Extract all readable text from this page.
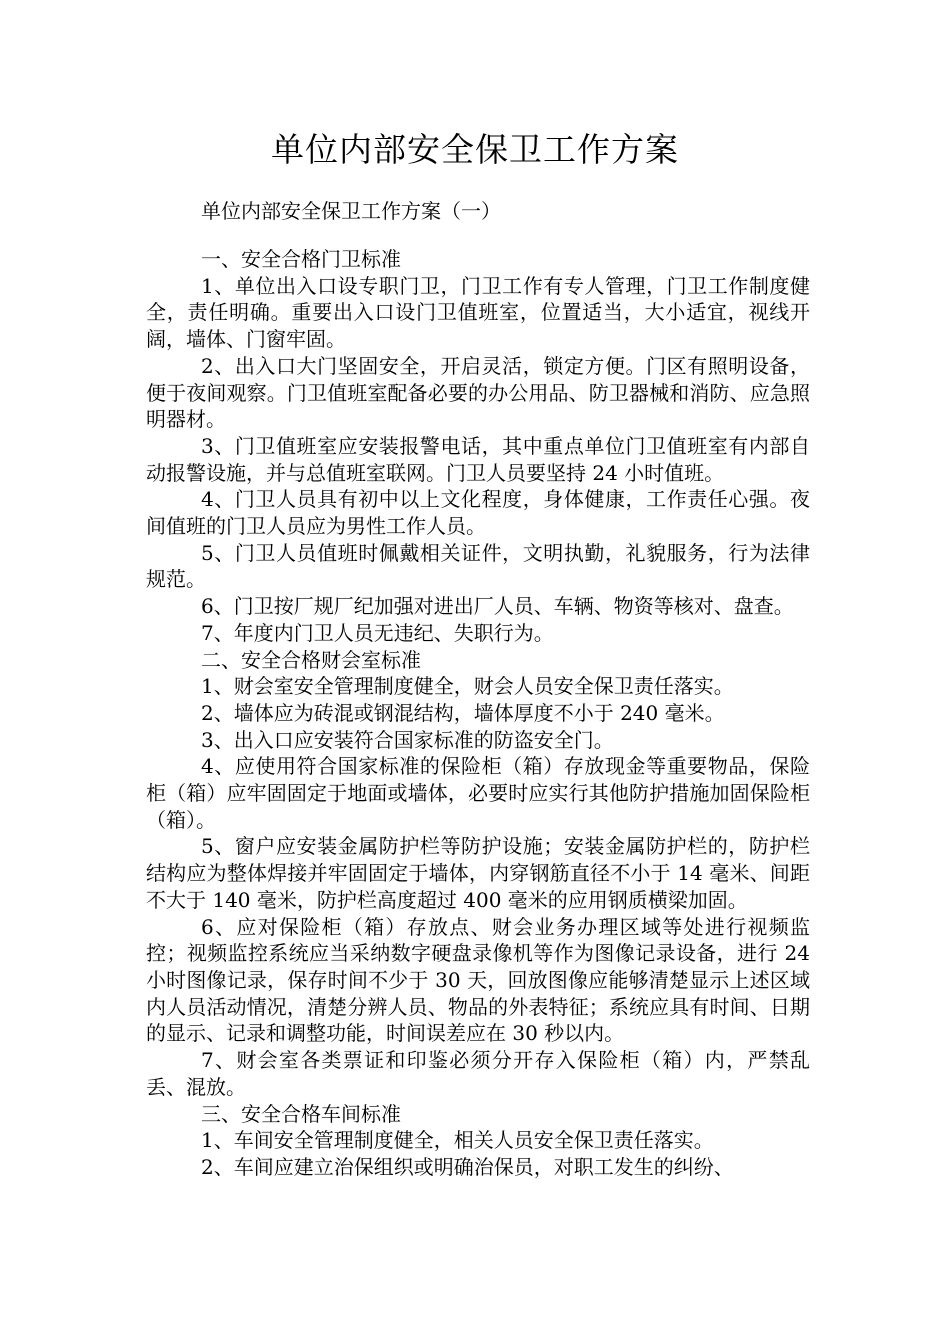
单位内部安全保卫工作方案
单位内部安全保卫工作方案（一）

一、安全合格门卫标准

1、单位出入口设专职门卫，门卫工作有专人管理，门卫工作制度健全，责任明确。重要出入口设门卫值班室，位置适当，大小适宜，视线开阔，墙体、门窗牢固。

2、出入口大门坚固安全，开启灵活，锁定方便。门区有照明设备，便于夜间观察。门卫值班室配备必要的办公用品、防卫器械和消防、应急照明器材。

3、门卫值班室应安装报警电话，其中重点单位门卫值班室有内部自动报警设施，并与总值班室联网。门卫人员要坚持 24 小时值班。

4、门卫人员具有初中以上文化程度，身体健康，工作责任心强。夜间值班的门卫人员应为男性工作人员。

5、门卫人员值班时佩戴相关证件，文明执勤，礼貌服务，行为法律规范。

6、门卫按厂规厂纪加强对进出厂人员、车辆、物资等核对、盘查。

7、年度内门卫人员无违纪、失职行为。

二、安全合格财会室标准

1、财会室安全管理制度健全，财会人员安全保卫责任落实。

2、墙体应为砖混或钢混结构，墙体厚度不小于 240 毫米。

3、出入口应安装符合国家标准的防盗安全门。

4、应使用符合国家标准的保险柜（箱）存放现金等重要物品，保险柜（箱）应牢固固定于地面或墙体，必要时应实行其他防护措施加固保险柜（箱）。

5、窗户应安装金属防护栏等防护设施；安装金属防护栏的，防护栏结构应为整体焊接并牢固固定于墙体，内穿钢筋直径不小于 14 毫米、间距不大于 140 毫米，防护栏高度超过 400 毫米的应用钢质横梁加固。

6、应对保险柜（箱）存放点、财会业务办理区域等处进行视频监控；视频监控系统应当采纳数字硬盘录像机等作为图像记录设备，进行 24 小时图像记录，保存时间不少于 30 天，回放图像应能够清楚显示上述区域内人员活动情况，清楚分辨人员、物品的外表特征；系统应具有时间、日期的显示、记录和调整功能，时间误差应在 30 秒以内。

7、财会室各类票证和印鉴必须分开存入保险柜（箱）内，严禁乱丢、混放。

三、安全合格车间标准

1、车间安全管理制度健全，相关人员安全保卫责任落实。

2、车间应建立治保组织或明确治保员，对职工发生的纠纷、
